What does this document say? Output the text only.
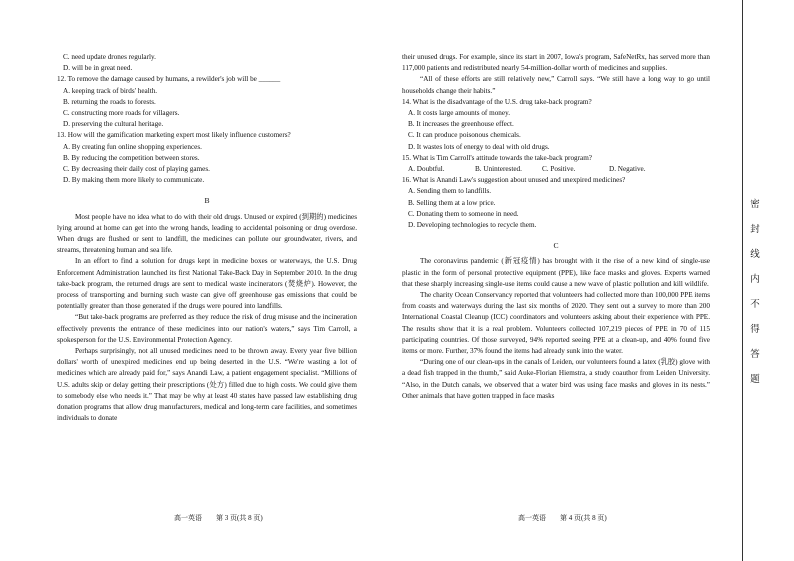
C. need update drones regularly.
D. will be in great need.
12. To remove the damage caused by humans, a rewilder's job will be ______
A. keeping track of birds' health.
B. returning the roads to forests.
C. constructing more roads for villagers.
D. preserving the cultural heritage.
13. How will the gamification marketing expert most likely influence customers?
A. By creating fun online shopping experiences.
B. By reducing the competition between stores.
C. By decreasing their daily cost of playing games.
D. By making them more likely to communicate.
B

Most people have no idea what to do with their old drugs. Unused or expired (到期的) medicines lying around at home can get into the wrong hands, leading to accidental poisoning or drug overdose. When drugs are flushed or sent to landfill, the medicines can pollute our groundwater, rivers, and streams, threatening human and sea life.

In an effort to find a solution for drugs kept in medicine boxes or waterways, the U.S. Drug Enforcement Administration launched its first National Take-Back Day in September 2010. In the drug take-back program, the returned drugs are sent to medical waste incinerators (焚烧炉). However, the process of transporting and burning such waste can give off greenhouse gas emissions that could be potentially greater than those generated if the drugs were poured into landfills.

“But take-back programs are preferred as they reduce the risk of drug misuse and the incineration effectively prevents the entrance of these medicines into our nation's waters,” says Tim Carroll, a spokesperson for the U.S. Environmental Protection Agency.

Perhaps surprisingly, not all unused medicines need to be thrown away. Every year five billion dollars' worth of unexpired medicines end up being deserted in the U.S. “We're wasting a lot of medicines which are already paid for,” says Anandi Law, a patient engagement specialist. “Millions of U.S. adults skip or delay getting their prescriptions (处方) filled due to high costs. We could give them to somebody else who needs it.” That may be why at least 40 states have passed law establishing drug donation programs that allow drug manufacturers, medical and long-term care facilities, and sometimes individuals to donate

their unused drugs. For example, since its start in 2007, Iowa's program, SafeNetRx, has served more than 117,000 patients and redistributed nearly 54-million-dollar worth of medicines and supplies.

“All of these efforts are still relatively new,” Carroll says. “We still have a long way to go until households change their habits.”

14. What is the disadvantage of the U.S. drug take-back program?
A. It costs large amounts of money.
B. It increases the greenhouse effect.
C. It can produce poisonous chemicals.
D. It wastes lots of energy to deal with old drugs.
15. What is Tim Carroll's attitude towards the take-back program?
A. Doubtful.	B. Uninterested.	C. Positive.	D. Negative.
16. What is Anandi Law's suggestion about unused and unexpired medicines?
A. Sending them to landfills.
B. Selling them at a low price.
C. Donating them to someone in need.
D. Developing technologies to recycle them.
C

The coronavirus pandemic (新冠疫情) has brought with it the rise of a new kind of single-use plastic in the form of personal protective equipment (PPE), like face masks and gloves. Experts warned that these sharply increasing single-use items could cause a new wave of plastic pollution and kill wildlife.

The charity Ocean Conservancy reported that volunteers had collected more than 100,000 PPE items from coasts and waterways during the last six months of 2020. They sent out a survey to more than 200 International Coastal Cleanup (ICC) coordinators and volunteers asking about their experience with PPE. The results show that it is a real problem. Volunteers collected 107,219 pieces of PPE in 70 of 115 participating countries. Of those surveyed, 94% reported seeing PPE at a clean-up, and 40% found five items or more. Further, 37% found the items had already sunk into the water.

“During one of our clean-ups in the canals of Leiden, our volunteers found a latex (乳胶) glove with a dead fish trapped in the thumb,” said Auke-Florian Hiemstra, a study coauthor from Leiden University. “Also, in the Dutch canals, we observed that a water bird was using face masks and gloves in its nests.” Other animals that have gotten trapped in face masks

高一英语　　第 3 页(共 8 页)	高一英语　　第 4 页(共 8 页)
密
封
线
内
不
得
答
题
